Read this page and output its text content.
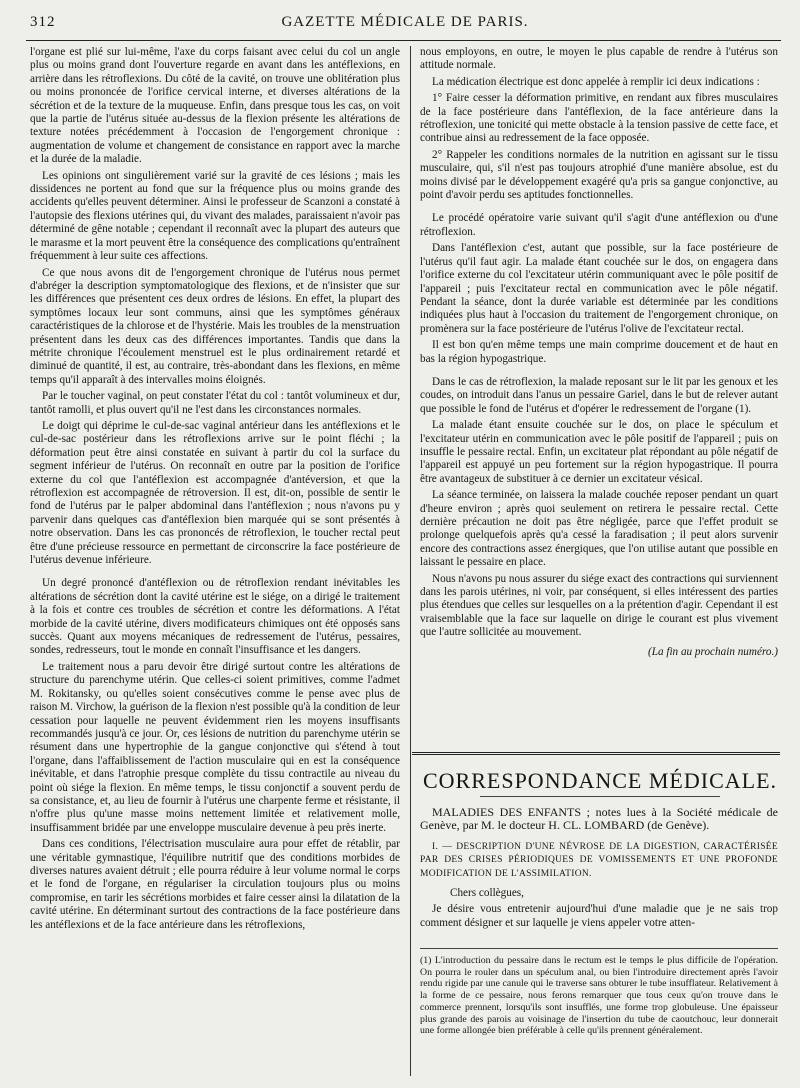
312	GAZETTE MÉDICALE DE PARIS.

l'organe est plié sur lui-même, l'axe du corps faisant avec celui du col un angle plus ou moins grand dont l'ouverture regarde en avant dans les antéflexions, en arrière dans les rétroflexions. Du côté de la cavité, on trouve une oblitération plus ou moins prononcée de l'orifice cervical interne, et diverses altérations de la sécrétion et de la texture de la muqueuse. Enfin, dans presque tous les cas, on voit que la partie de l'utérus située au-dessus de la flexion présente les altérations de texture notées précédemment à l'occasion de l'engorgement chronique : augmentation de volume et changement de consistance en rapport avec la marche et la durée de la maladie.

Les opinions ont singulièrement varié sur la gravité de ces lésions ; mais les dissidences ne portent au fond que sur la fréquence plus ou moins grande des accidents qu'elles peuvent déterminer. Ainsi le professeur de Scanzoni a constaté à l'autopsie des flexions utérines qui, du vivant des malades, paraissaient n'avoir pas déterminé de gêne notable ; cependant il reconnaît avec la plupart des auteurs que le marasme et la mort peuvent être la conséquence des complications qu'entraînent fréquemment à leur suite ces affections.

Ce que nous avons dit de l'engorgement chronique de l'utérus nous permet d'abréger la description symptomatologique des flexions, et de n'insister que sur les différences que présentent ces deux ordres de lésions. En effet, la plupart des symptômes locaux leur sont communs, ainsi que les symptômes généraux caractéristiques de la chlorose et de l'hystérie. Mais les troubles de la menstruation présentent dans les deux cas des différences importantes. Tandis que dans la métrite chronique l'écoulement menstruel est le plus ordinairement retardé et diminué de quantité, il est, au contraire, très-abondant dans les flexions, en même temps qu'il apparaît à des intervalles moins éloignés.

Par le toucher vaginal, on peut constater l'état du col : tantôt volumineux et dur, tantôt ramolli, et plus ouvert qu'il ne l'est dans les circonstances normales.

Le doigt qui déprime le cul-de-sac vaginal antérieur dans les antéflexions et le cul-de-sac postérieur dans les rétroflexions arrive sur le point fléchi ; la déformation peut être ainsi constatée en suivant à partir du col la surface du segment inférieur de l'utérus. On reconnaît en outre par la position de l'orifice externe du col que l'antéflexion est accompagnée d'antéversion, et que la rétroflexion est accompagnée de rétroversion. Il est, dit-on, possible de sentir le fond de l'utérus par le palper abdominal dans l'antéflexion ; nous n'avons pu y parvenir dans quelques cas d'antéflexion bien marquée qui se sont présentés à notre observation. Dans les cas prononcés de rétroflexion, le toucher rectal peut être d'une précieuse ressource en permettant de circonscrire la face postérieure de l'utérus devenue inférieure.

Un degré prononcé d'antéflexion ou de rétroflexion rendant inévitables les altérations de sécrétion dont la cavité utérine est le siége, on a dirigé le traitement à la fois et contre ces troubles de sécrétion et contre les déformations. A l'état morbide de la cavité utérine, divers modificateurs chimiques ont été opposés sans succès. Quant aux moyens mécaniques de redressement de l'utérus, pessaires, sondes, redresseurs, tout le monde en connaît l'insuffisance et les dangers.

Le traitement nous a paru devoir être dirigé surtout contre les altérations de structure du parenchyme utérin. Que celles-ci soient primitives, comme l'admet M. Rokitansky, ou qu'elles soient consécutives comme le pense avec plus de raison M. Virchow, la guérison de la flexion n'est possible qu'à la condition de leur cessation pour laquelle ne peuvent évidemment rien les moyens insuffisants recommandés jusqu'à ce jour. Or, ces lésions de nutrition du parenchyme utérin se résument dans une hypertrophie de la gangue conjonctive qui s'étend à tout l'organe, dans l'affaiblissement de l'action musculaire qui en est la conséquence inévitable, et dans l'atrophie presque complète du tissu contractile au niveau du point où siége la flexion. En même temps, le tissu conjonctif a souvent perdu de sa consistance, et, au lieu de fournir à l'utérus une charpente ferme et résistante, il n'offre plus qu'une masse moins nettement limitée et relativement molle, insuffisamment bridée par une enveloppe musculaire devenue à peu près inerte.

Dans ces conditions, l'électrisation musculaire aura pour effet de rétablir, par une véritable gymnastique, l'équilibre nutritif que des conditions morbides de diverses natures avaient détruit ; elle pourra réduire à leur volume normal le corps et le fond de l'organe, en régulariser la circulation toujours plus ou moins compromise, en tarir les sécrétions morbides et faire cesser ainsi la dilatation de la cavité utérine. En déterminant surtout des contractions de la face postérieure dans les antéflexions et de la face antérieure dans les rétroflexions,

nous employons, en outre, le moyen le plus capable de rendre à l'utérus son attitude normale.

La médication électrique est donc appelée à remplir ici deux indications :

1° Faire cesser la déformation primitive, en rendant aux fibres musculaires de la face postérieure dans l'antéflexion, de la face antérieure dans la rétroflexion, une tonicité qui mette obstacle à la tension passive de cette face, et contribue ainsi au redressement de la face opposée.

2° Rappeler les conditions normales de la nutrition en agissant sur le tissu musculaire, qui, s'il n'est pas toujours atrophié d'une manière absolue, est du moins divisé par le développement exagéré qu'a pris sa gangue conjonctive, au point d'avoir perdu ses aptitudes fonctionnelles.

Le procédé opératoire varie suivant qu'il s'agit d'une antéflexion ou d'une rétroflexion.

Dans l'antéflexion c'est, autant que possible, sur la face postérieure de l'utérus qu'il faut agir. La malade étant couchée sur le dos, on engagera dans l'orifice externe du col l'excitateur utérin communiquant avec le pôle positif de l'appareil ; puis l'excitateur rectal en communication avec le pôle négatif. Pendant la séance, dont la durée variable est déterminée par les conditions indiquées plus haut à l'occasion du traitement de l'engorgement chronique, on promènera sur la face postérieure de l'utérus l'olive de l'excitateur rectal.

Il est bon qu'en même temps une main comprime doucement et de haut en bas la région hypogastrique.

Dans le cas de rétroflexion, la malade reposant sur le lit par les genoux et les coudes, on introduit dans l'anus un pessaire Gariel, dans le but de relever autant que possible le fond de l'utérus et d'opérer le redressement de l'organe (1).

La malade étant ensuite couchée sur le dos, on place le spéculum et l'excitateur utérin en communication avec le pôle positif de l'appareil ; puis on insuffle le pessaire rectal. Enfin, un excitateur plat répondant au pôle négatif de l'appareil est appuyé un peu fortement sur la région hypogastrique. Il pourra être avantageux de substituer à ce dernier un excitateur vésical.

La séance terminée, on laissera la malade couchée reposer pendant un quart d'heure environ ; après quoi seulement on retirera le pessaire rectal. Cette dernière précaution ne doit pas être négligée, parce que l'effet produit se prolonge quelquefois après qu'a cessé la faradisation ; il peut alors survenir encore des contractions assez énergiques, que l'on utilise autant que possible en laissant le pessaire en place.

Nous n'avons pu nous assurer du siége exact des contractions qui surviennent dans les parois utérines, ni voir, par conséquent, si elles intéressent des parties plus étendues que celles sur lesquelles on a la prétention d'agir. Cependant il est vraisemblable que la face sur laquelle on dirige le courant est plus vivement que l'autre sollicitée au mouvement.

(La fin au prochain numéro.)

CORRESPONDANCE MÉDICALE.

MALADIES DES ENFANTS ; notes lues à la Société médicale de Genève, par M. le docteur H. CL. LOMBARD (de Genève).

I. — DESCRIPTION D'UNE NÉVROSE DE LA DIGESTION, CARACTÉRISÉE PAR DES CRISES PÉRIODIQUES DE VOMISSEMENTS ET UNE PROFONDE MODIFICATION DE L'ASSIMILATION.

Chers collègues,

Je désire vous entretenir aujourd'hui d'une maladie que je ne sais trop comment désigner et sur laquelle je viens appeler votre atten-

(1) L'introduction du pessaire dans le rectum est le temps le plus difficile de l'opération. On pourra le rouler dans un spéculum anal, ou bien l'introduire directement après l'avoir rendu rigide par une canule qui le traverse sans obturer le tube insufflateur. Relativement à la forme de ce pessaire, nous ferons remarquer que tous ceux qu'on trouve dans le commerce prennent, lorsqu'ils sont insufflés, une forme trop globuleuse. Une épaisseur plus grande des parois au voisinage de l'insertion du tube de caoutchouc, leur donnerait une forme allongée bien préférable à celle qu'ils prennent généralement.
